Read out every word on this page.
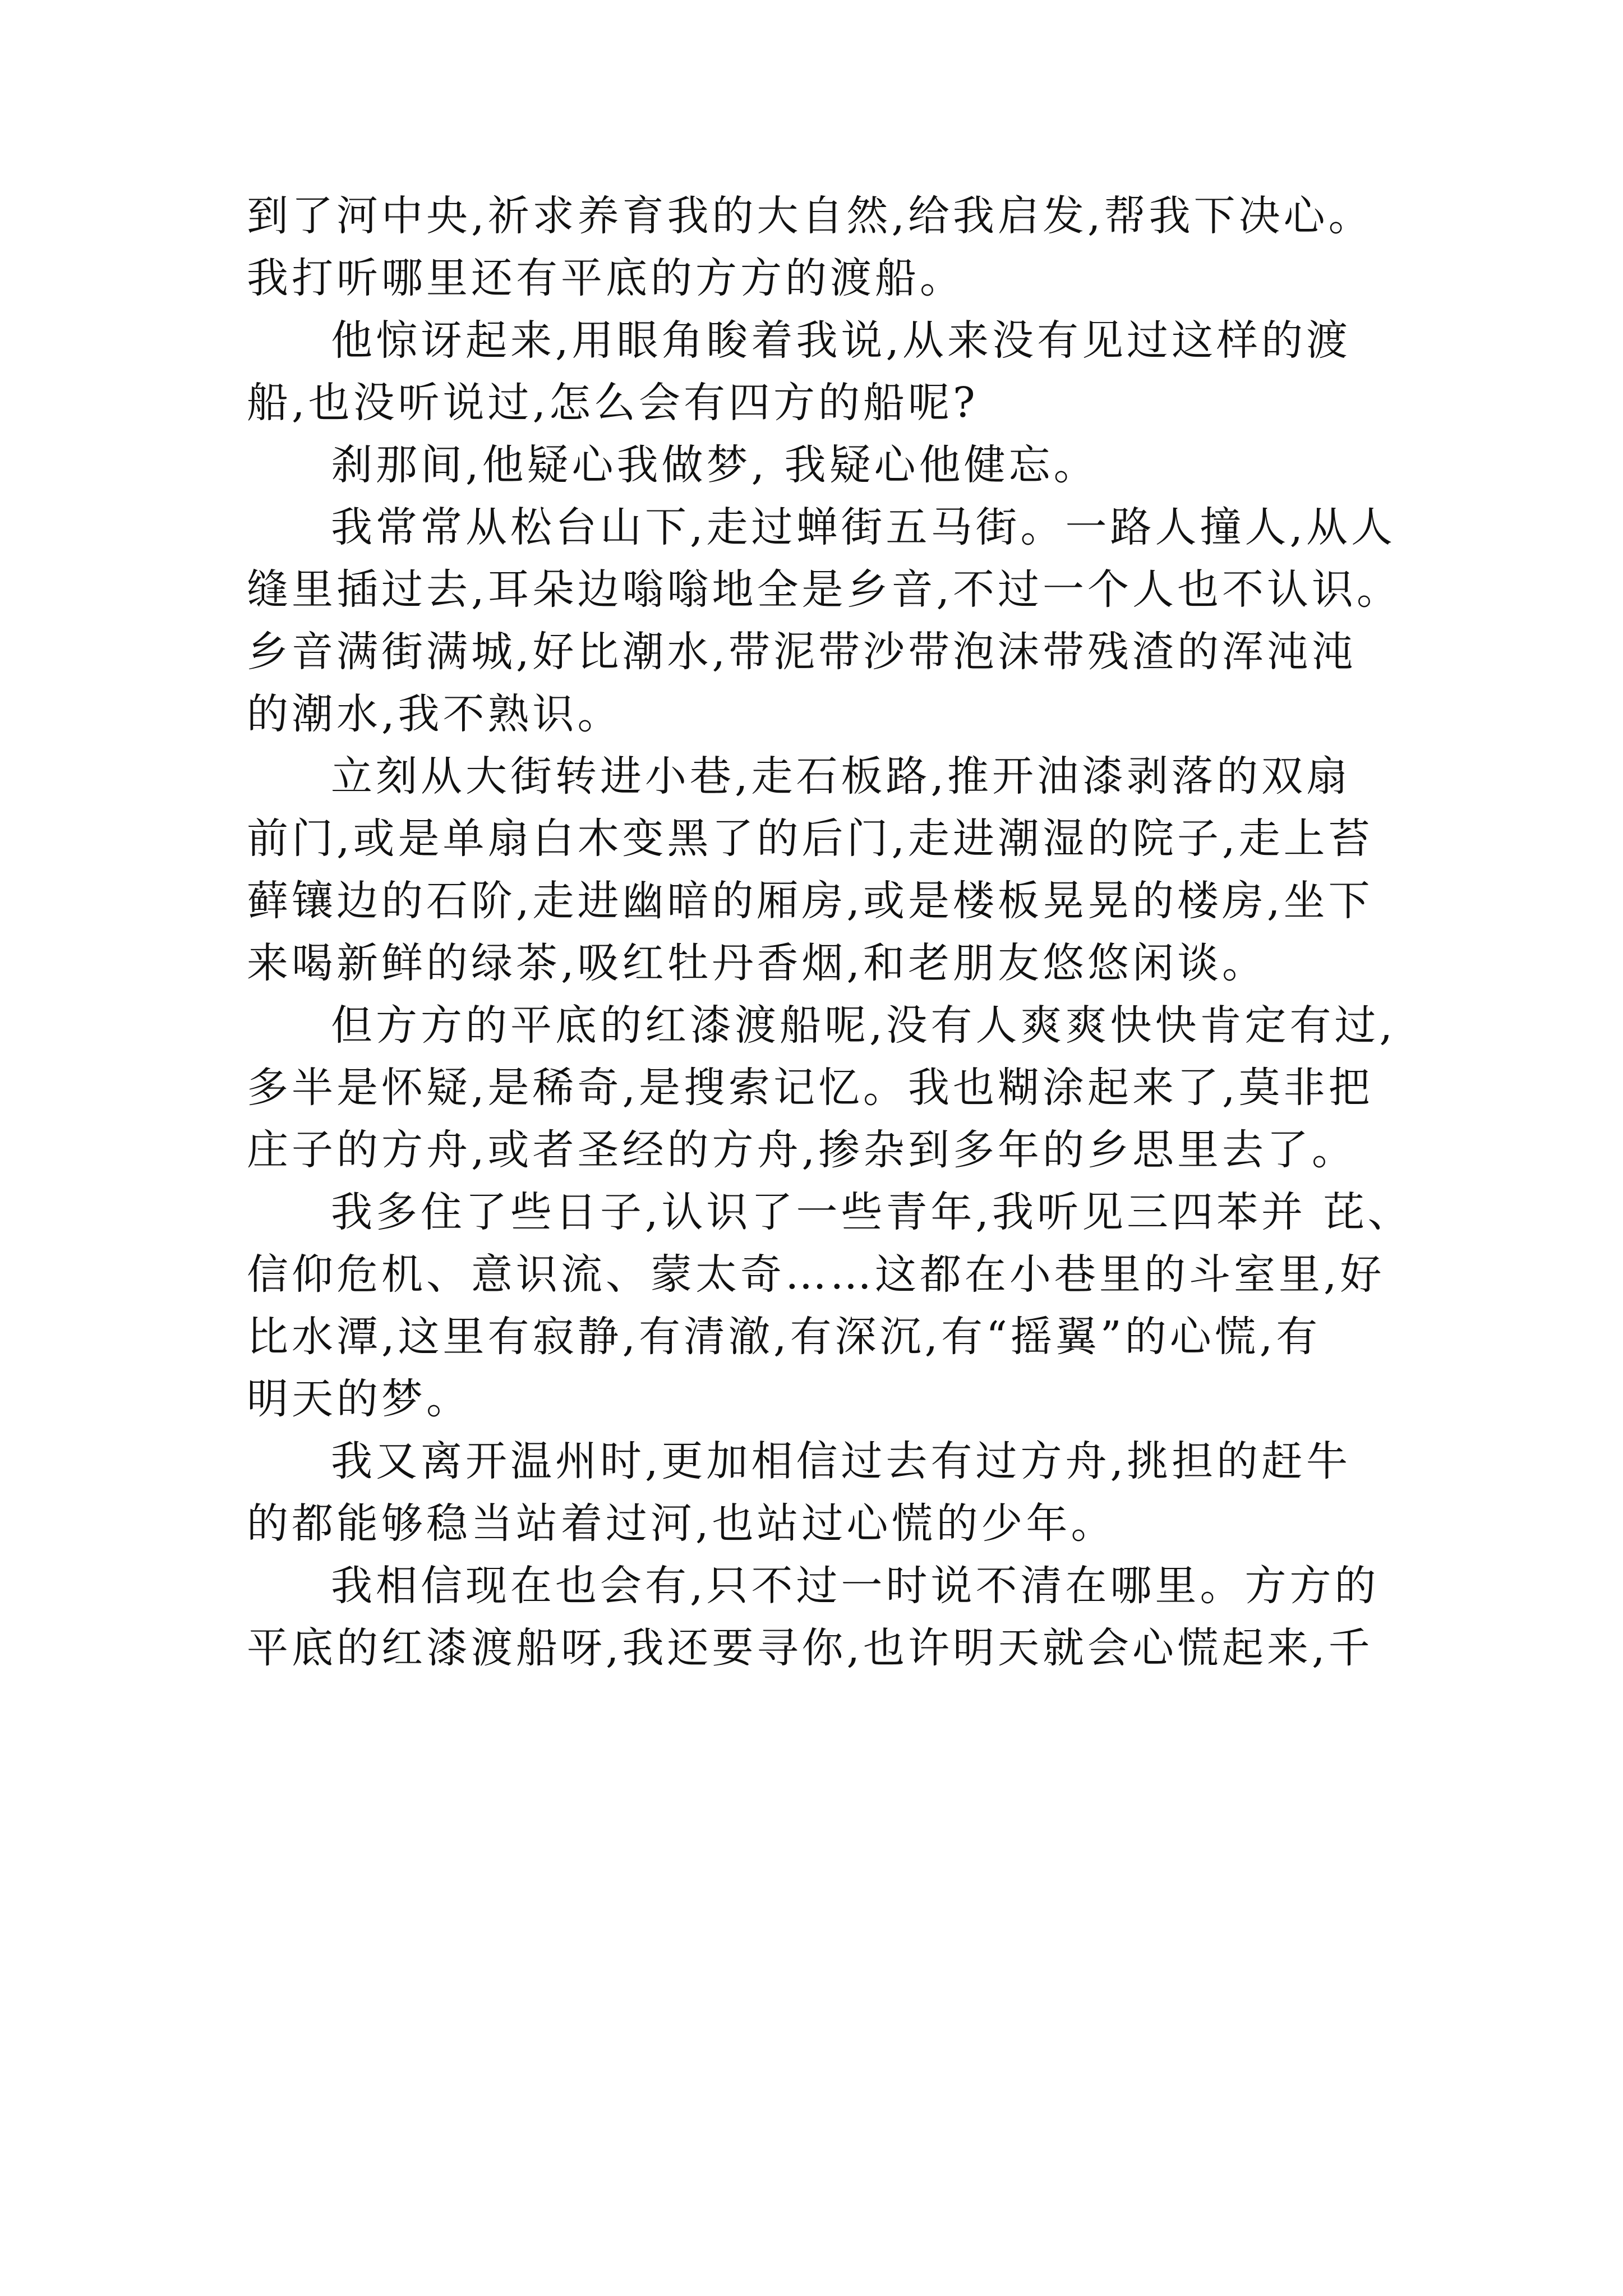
到了河中央,祈求养育我的大自然,给我启发,帮我下决心。
我打听哪里还有平底的方方的渡船。
他惊讶起来,用眼角睃着我说,从来没有见过这样的渡
船,也没听说过,怎么会有四方的船呢?
刹那间,他疑心我做梦, 我疑心他健忘。
我常常从松台山下,走过蝉街五马街。一路人撞人,从人
缝里插过去,耳朵边嗡嗡地全是乡音,不过一个人也不认识。
乡音满街满城,好比潮水,带泥带沙带泡沫带残渣的浑沌沌
的潮水,我不熟识。
立刻从大街转进小巷,走石板路,推开油漆剥落的双扇
前门,或是单扇白木变黑了的后门,走进潮湿的院子,走上苔
藓镶边的石阶,走进幽暗的厢房,或是楼板晃晃的楼房,坐下
来喝新鲜的绿茶,吸红牡丹香烟,和老朋友悠悠闲谈。
但方方的平底的红漆渡船呢,没有人爽爽快快肯定有过,
多半是怀疑,是稀奇,是搜索记忆。我也糊涂起来了,莫非把
庄子的方舟,或者圣经的方舟,掺杂到多年的乡思里去了。
我多住了些日子,认识了一些青年,我听见三四苯并 芘、
信仰危机、意识流、蒙太奇……这都在小巷里的斗室里,好
比水潭,这里有寂静,有清澈,有深沉,有“摇翼”的心慌,有
明天的梦。
我又离开温州时,更加相信过去有过方舟,挑担的赶牛
的都能够稳当站着过河,也站过心慌的少年。
我相信现在也会有,只不过一时说不清在哪里。方方的
平底的红漆渡船呀,我还要寻你,也许明天就会心慌起来,千
